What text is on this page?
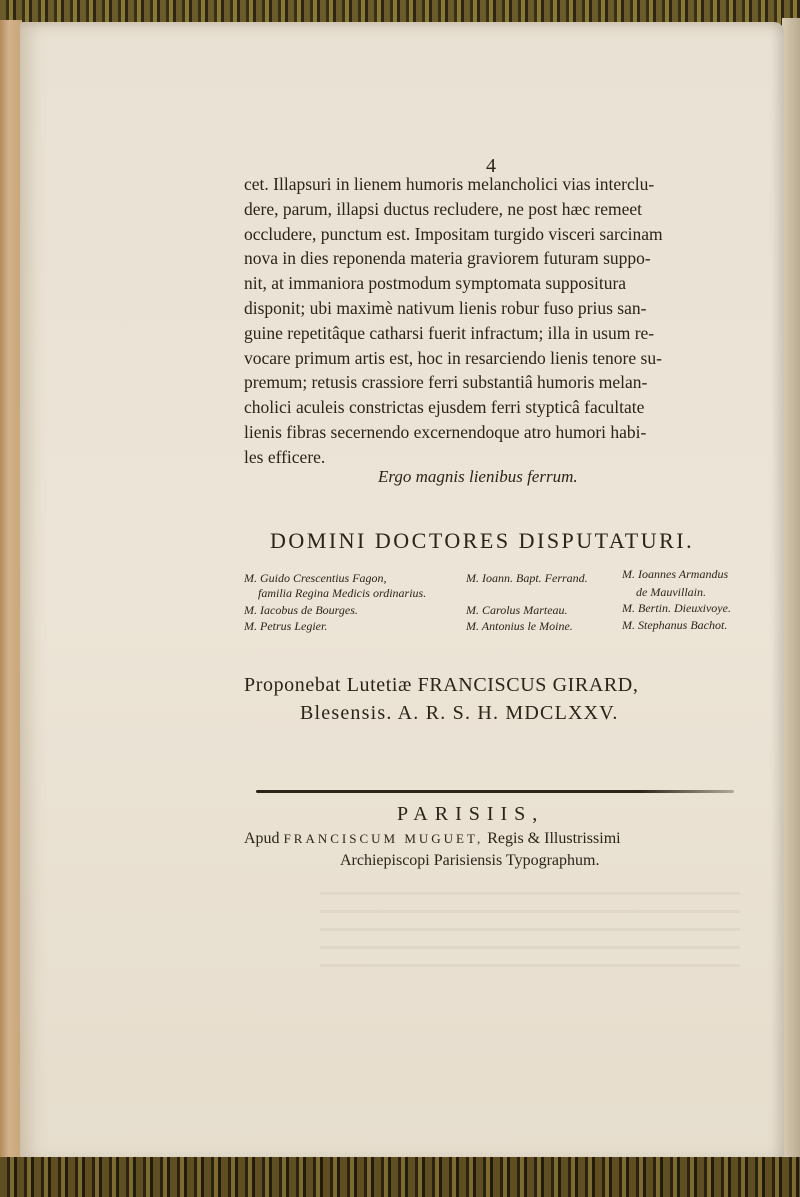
4
cet. Illapsuri in lienem humoris melancholici vias interclu-
dere, parum, illapsi ductus recludere, ne post hæc remeet
occludere, punctum est. Impositam turgido visceri sarcinam
nova in dies reponenda materia graviorem futuram suppo-
nit, at immaniora postmodum symptomata suppositura
disponit; ubi maximè nativum lienis robur fuso prius san-
guine repetitâque catharsi fuerit infractum; illa in usum re-
vocare primum artis est, hoc in resarciendo lienis tenore su-
premum; retusis crassiore ferri substantiâ humoris melan-
cholici aculeis constrictas ejusdem ferri stypticâ facultate
lienis fibras secernendo excernendoque atro humori habi-
les efficere.
Ergo magnis lienibus ferrum.
DOMINI DOCTORES DISPUTATURI.
M. Guido Crescentius Fagon,
familia Regina Medicis ordinarius.
M. Iacobus de Bourges.
M. Petrus Legier.
M. Ioann. Bapt. Ferrand.
M. Carolus Marteau.
M. Antonius le Moine.
M. Ioannes Armandus
de Mauvillain.
M. Bertin. Dieuxivoye.
M. Stephanus Bachot.
Proponebat Lutetiæ FRANCISCUS GIRARD,
Blesensis. A. R. S. H. MDCLXXV.
PARISIIS,
Apud FRANCISCUM MUGUET, Regis & Illustrissimi
Archiepiscopi Parisiensis Typographum.
